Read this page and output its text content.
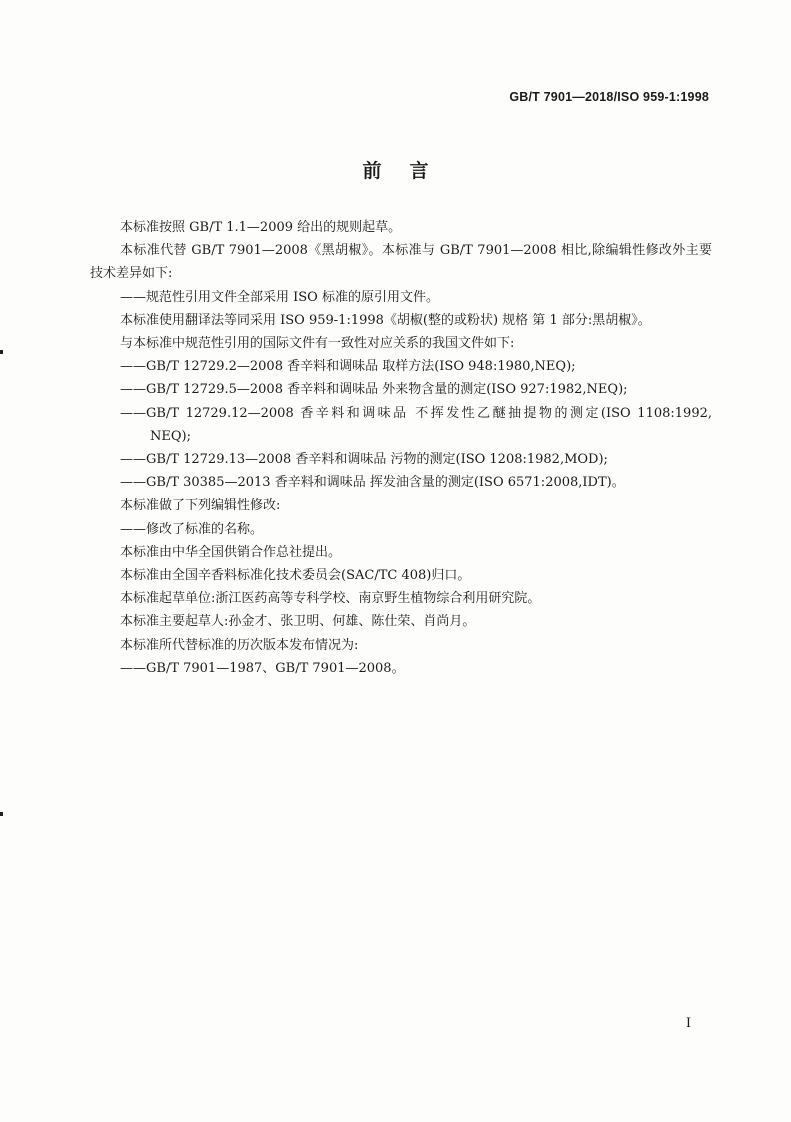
GB/T 7901—2018/ISO 959-1:1998
前言

本标准按照 GB/T 1.1—2009 给出的规则起草。

本标准代替 GB/T 7901—2008《黑胡椒》。本标准与 GB/T 7901—2008 相比,除编辑性修改外主要

技术差异如下:

——规范性引用文件全部采用 ISO 标准的原引用文件。

本标准使用翻译法等同采用 ISO 959-1:1998《胡椒(整的或粉状) 规格 第 1 部分:黑胡椒》。

与本标准中规范性引用的国际文件有一致性对应关系的我国文件如下:

——GB/T 12729.2—2008 香辛料和调味品 取样方法(ISO 948:1980,NEQ);

——GB/T 12729.5—2008 香辛料和调味品 外来物含量的测定(ISO 927:1982,NEQ);

——GB/T 12729.12—2008 香辛料和调味品 不挥发性乙醚抽提物的测定(ISO 1108:1992,

NEQ);

——GB/T 12729.13—2008 香辛料和调味品 污物的测定(ISO 1208:1982,MOD);

——GB/T 30385—2013 香辛料和调味品 挥发油含量的测定(ISO 6571:2008,IDT)。

本标准做了下列编辑性修改:

——修改了标准的名称。

本标准由中华全国供销合作总社提出。

本标准由全国辛香料标准化技术委员会(SAC/TC 408)归口。

本标准起草单位:浙江医药高等专科学校、南京野生植物综合利用研究院。

本标准主要起草人:孙金才、张卫明、何雄、陈仕荣、肖尚月。

本标准所代替标准的历次版本发布情况为:

——GB/T 7901—1987、GB/T 7901—2008。

I
